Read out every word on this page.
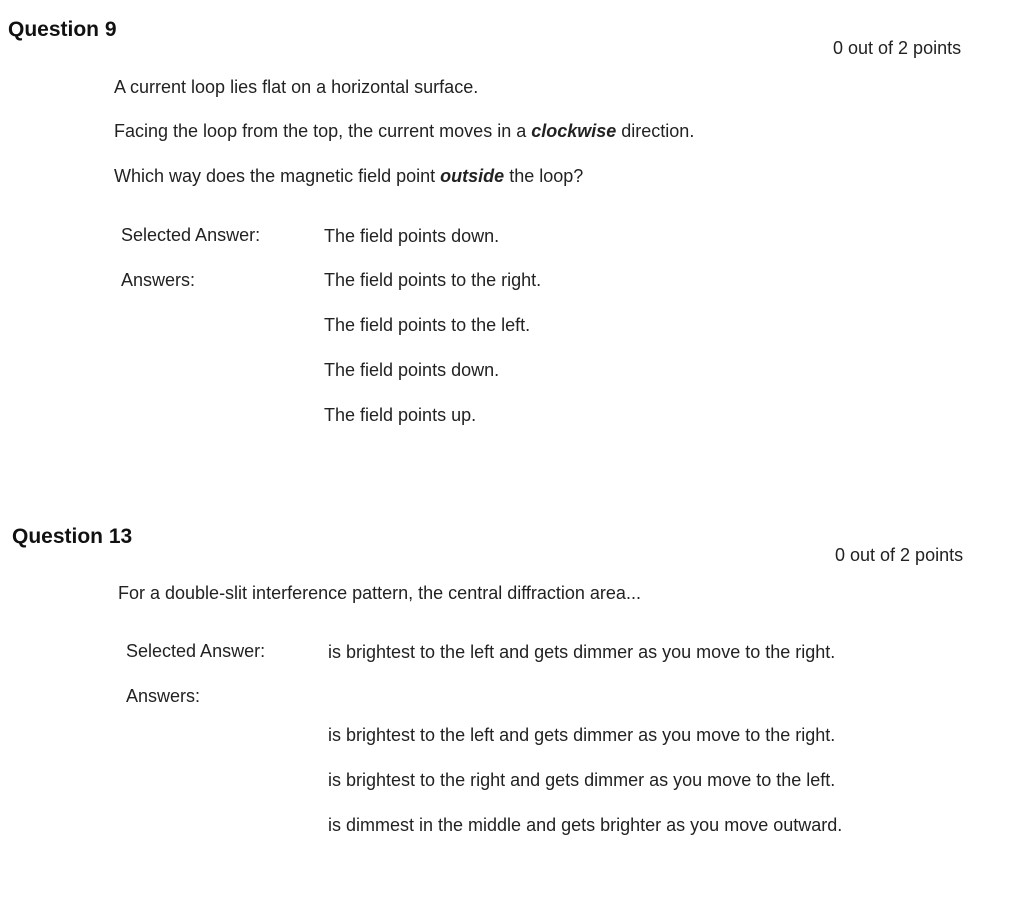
Question 9
0 out of 2 points
A current loop lies flat on a horizontal surface.
Facing the loop from the top, the current moves in a clockwise direction.
Which way does the magnetic field point outside the loop?
Selected Answer:	The field points down.
Answers:	The field points to the right.
The field points to the left.
The field points down.
The field points up.
Question 13
0 out of 2 points
For a double-slit interference pattern, the central diffraction area...
Selected Answer:	is brightest to the left and gets dimmer as you move to the right.
Answers:
is brightest to the left and gets dimmer as you move to the right.
is brightest to the right and gets dimmer as you move to the left.
is dimmest in the middle and gets brighter as you move outward.
